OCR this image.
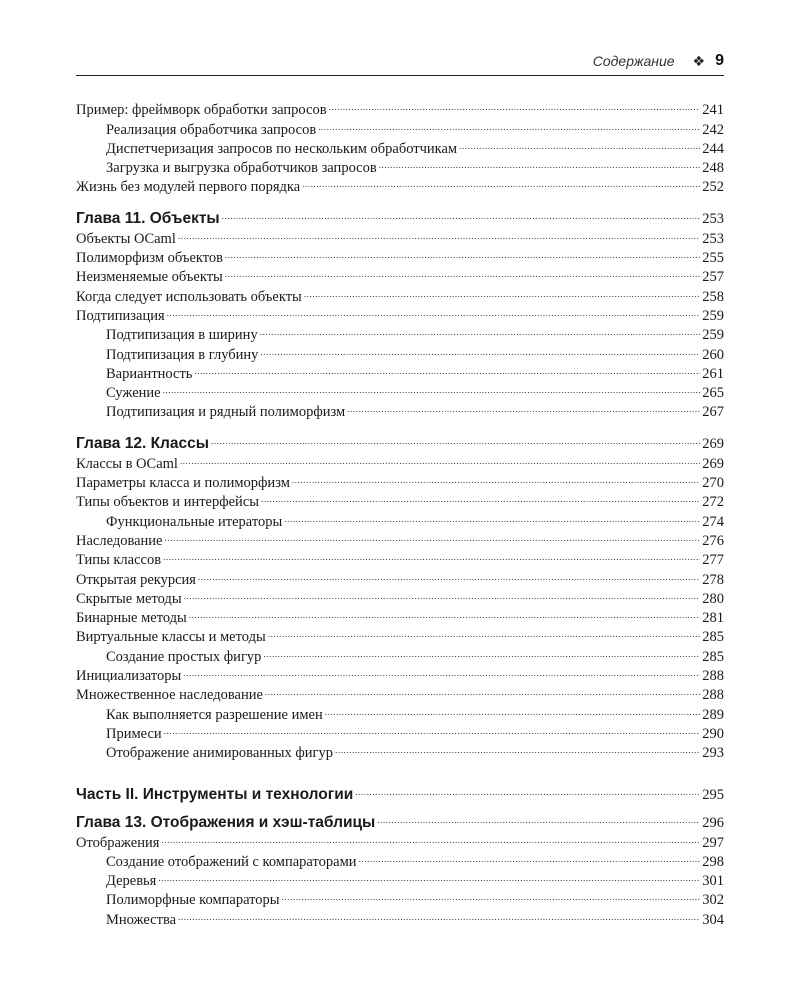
Содержание ❖ 9
Пример: фреймворк обработки запросов .....	241
Реализация обработчика запросов .....	242
Диспетчеризация запросов по нескольким обработчикам .....	244
Загрузка и выгрузка обработчиков запросов .....	248
Жизнь без модулей первого порядка .....	252
Глава 11. Объекты .....	253
Объекты OCaml .....	253
Полиморфизм объектов .....	255
Неизменяемые объекты .....	257
Когда следует использовать объекты .....	258
Подтипизация .....	259
Подтипизация в ширину .....	259
Подтипизация в глубину .....	260
Вариантность .....	261
Сужение .....	265
Подтипизация и рядный полиморфизм .....	267
Глава 12. Классы .....	269
Классы в OCaml .....	269
Параметры класса и полиморфизм .....	270
Типы объектов и интерфейсы .....	272
Функциональные итераторы .....	274
Наследование .....	276
Типы классов .....	277
Открытая рекурсия .....	278
Скрытые методы .....	280
Бинарные методы .....	281
Виртуальные классы и методы .....	285
Создание простых фигур .....	285
Инициализаторы .....	288
Множественное наследование .....	288
Как выполняется разрешение имен .....	289
Примеси .....	290
Отображение анимированных фигур .....	293
Часть II. Инструменты и технологии .....	295
Глава 13. Отображения и хэш-таблицы .....	296
Отображения .....	297
Создание отображений с компараторами .....	298
Деревья .....	301
Полиморфные компараторы .....	302
Множества .....	304
